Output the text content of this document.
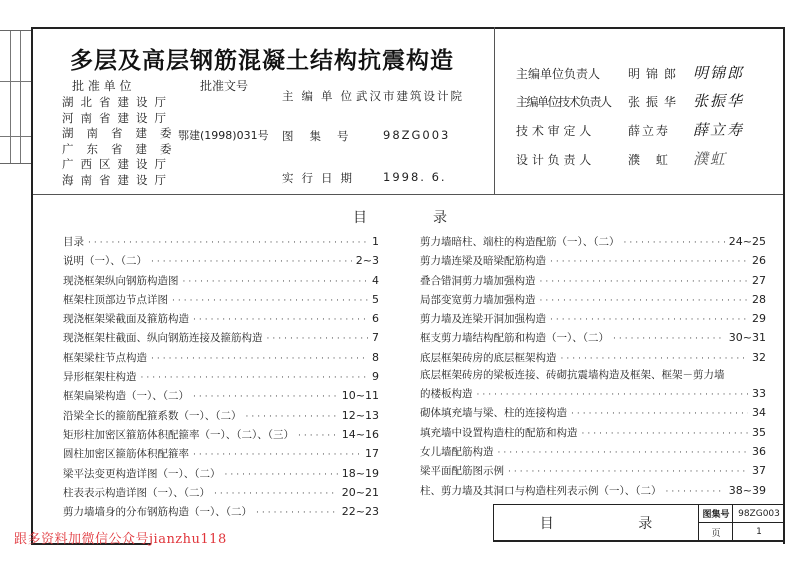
多层及高层钢筋混凝土结构抗震构造
批 准 单 位	批准文号
湖北省建设厅
河南省建设厅
湖南省建委
广东省建委
广西区建设厅
海南省建设厅
鄂建(1998)031号
主编单位
武汉市建筑设计院
图集号 98ZG003
实行日期 1998. 6.
主编单位负责人 明锦郎 明锦郎
主编单位技术负责人 张振华 张振华
技 术 审 定 人	薛立寿 薛立寿
设 计 负 责 人	濮 虹 濮虹
目	录
目录 ·····	1
说明（一）、（二） ·····	2~3
现浇框架纵向钢筋构造图 ·····	4
框架柱顶部边节点详图 ·····	5
现浇框架梁截面及箍筋构造 ·····	6
现浇框架柱截面、纵向钢筋连接及箍筋构造 ·····	7
框架梁柱节点构造 ·····	8
异形框架柱构造 ·····	9
框架扁梁构造（一）、（二） ·····	10~11
沿梁全长的箍筋配箍系数（一）、（二） ·····	12~13
矩形柱加密区箍筋体积配箍率（一）、（二）、（三） ·····	14~16
圆柱加密区箍筋体积配箍率 ·····	17
梁平法变更构造详图（一）、（二） ·····	18~19
柱表表示构造详图（一）、（二） ·····	20~21
剪力墙墙身的分布钢筋构造（一）、（二） ·····	22~23
剪力墙暗柱、端柱的构造配筋（一）、（二） ·····	24~25
剪力墙连梁及暗梁配筋构造 ·····	26
叠合错洞剪力墙加强构造 ·····	27
局部变宽剪力墙加强构造 ·····	28
剪力墙及连梁开洞加强构造 ·····	29
框支剪力墙结构配筋和构造（一）、（二） ·····	30~31
底层框架砖房的底层框架构造 ·····	32
底层框架砖房的梁板连接、砖砌抗震墙构造及框架、框架－剪力墙
的楼板构造 ·····	33
砌体填充墙与梁、柱的连接构造 ·····	34
填充墙中设置构造柱的配筋和构造 ·····	35
女儿墙配筋构造 ·····	36
梁平面配筋图示例 ·····	37
柱、剪力墙及其洞口与构造柱列表示例（一）、（二） ·····	38~39
目 录
图集号 98ZG003
页	1
跟多资料加微信公众号jianzhu118
